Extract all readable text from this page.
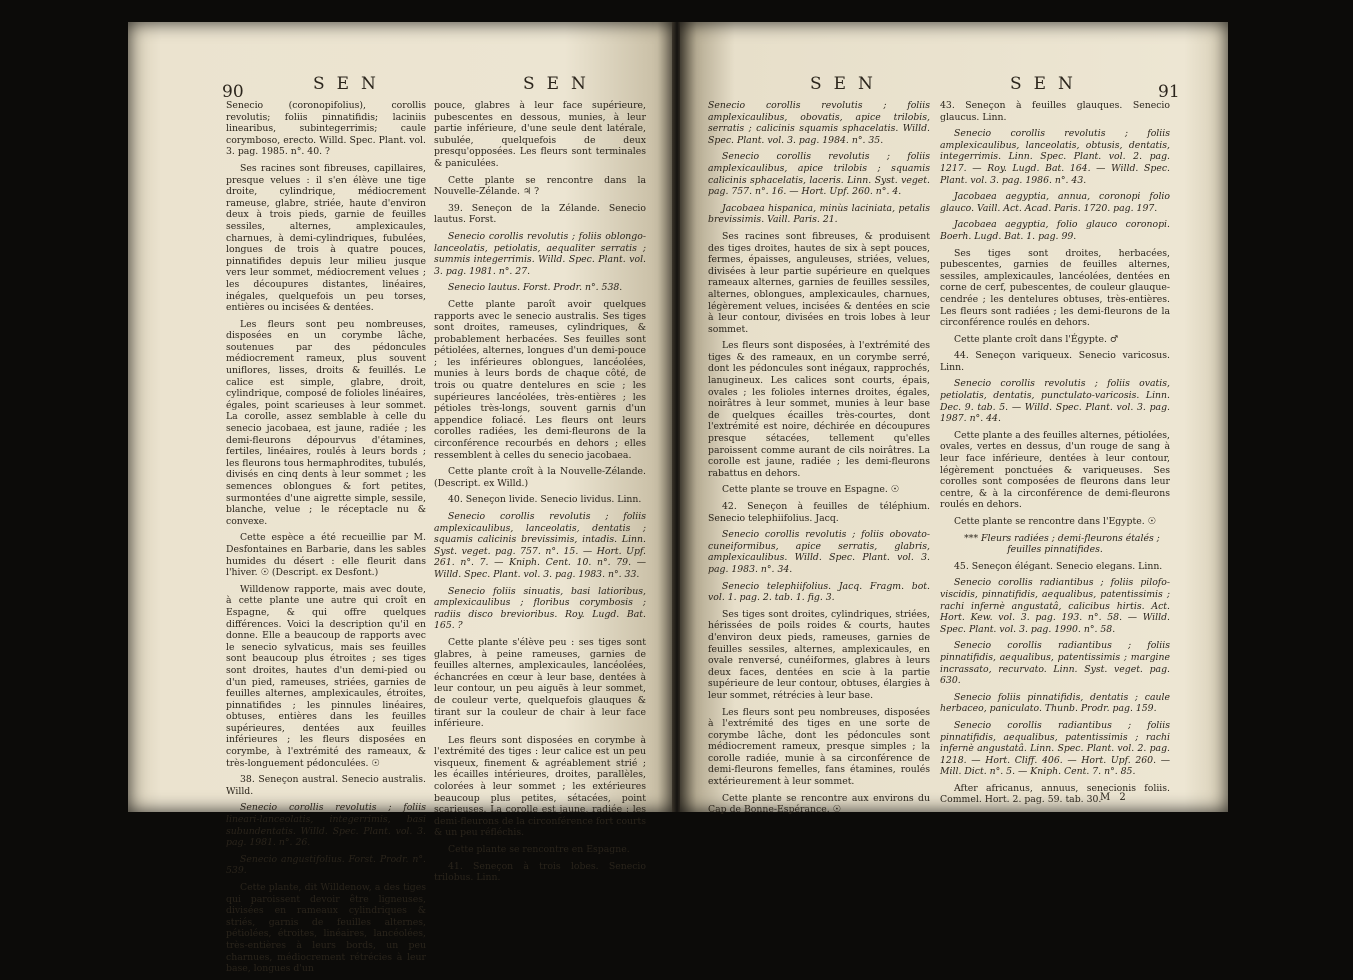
90	SEN	SEN

Senecio (coronopifolius), corollis revolutis; foliis pinnatifidis; laciniis linearibus, subintegerrimis; caule corymboso, erecto. Willd. Spec. Plant. vol. 3. pag. 1985. n°. 40. ?

Ses racines sont fibreuses, capillaires, presque velues : il s'en élève une tige droite, cylindrique, médiocrement rameuse, glabre, striée, haute d'environ deux à trois pieds, garnie de feuilles sessiles, alternes, amplexicaules, charnues, à demi-cylindriques, fubulées, longues de trois à quatre pouces, pinnatifides depuis leur milieu jusque vers leur sommet, médiocrement velues ; les découpures distantes, linéaires, inégales, quelquefois un peu torses, entières ou incisées & dentées.

Les fleurs sont peu nombreuses, disposées en un corymbe lâche, soutenues par des pédoncules médiocrement rameux, plus souvent uniflores, lisses, droits & feuillés. Le calice est simple, glabre, droit, cylindrique, composé de folioles linéaires, égales, point scarieuses à leur sommet. La corolle, assez semblable à celle du senecio jacobaea, est jaune, radiée ; les demi-fleurons dépourvus d'étamines, fertiles, linéaires, roulés à leurs bords ; les fleurons tous hermaphrodites, tubulés, divisés en cinq dents à leur sommet ; les semences oblongues & fort petites, surmontées d'une aigrette simple, sessile, blanche, velue ; le réceptacle nu & convexe.

Cette espèce a été recueillie par M. Desfontaines en Barbarie, dans les sables humides du désert : elle fleurit dans l'hiver. ☉ (Descript. ex Desfont.)

Willdenow rapporte, mais avec doute, à cette plante une autre qui croît en Espagne, & qui offre quelques différences. Voici la description qu'il en donne. Elle a beaucoup de rapports avec le senecio sylvaticus, mais ses feuilles sont beaucoup plus étroites ; ses tiges sont droites, hautes d'un demi-pied ou d'un pied, rameuses, striées, garnies de feuilles alternes, amplexicaules, étroites, pinnatifides ; les pinnules linéaires, obtuses, entières dans les feuilles supérieures, dentées aux feuilles inférieures ; les fleurs disposées en corymbe, à l'extrémité des rameaux, & très-longuement pédonculées. ☉

38. Seneçon austral. Senecio australis. Willd.

Senecio corollis revolutis ; foliis lineari-lanceolatis, integerrimis, basi subundentatis. Willd. Spec. Plant. vol. 3. pag. 1981. n°. 26.

Senecio angustifolius. Forst. Prodr. n°. 539.

Cette plante, dit Willdenow, a des tiges qui paroissent devoir être ligneuses, divisées en rameaux cylindriques & striés, garnis de feuilles alternes, pétiolées, étroites, linéaires, lancéolées, très-entières à leurs bords, un peu charnues, médiocrement rétrécies à leur base, longues d'un

pouce, glabres à leur face supérieure, pubescentes en dessous, munies, à leur partie inférieure, d'une seule dent latérale, subulée, quelquefois de deux presqu'opposées. Les fleurs sont terminales & paniculées.

Cette plante se rencontre dans la Nouvelle-Zélande. ♃ ?

39. Seneçon de la Zélande. Senecio lautus. Forst.

Senecio corollis revolutis ; foliis oblongo-lanceolatis, petiolatis, aequaliter serratis ; summis integerrimis. Willd. Spec. Plant. vol. 3. pag. 1981. n°. 27.

Senecio lautus. Forst. Prodr. n°. 538.

Cette plante paroît avoir quelques rapports avec le senecio australis. Ses tiges sont droites, rameuses, cylindriques, & probablement herbacées. Ses feuilles sont pétiolées, alternes, longues d'un demi-pouce ; les inférieures oblongues, lancéolées, munies à leurs bords de chaque côté, de trois ou quatre dentelures en scie ; les supérieures lancéolées, très-entières ; les pétioles très-longs, souvent garnis d'un appendice foliacé. Les fleurs ont leurs corolles radiées, les demi-fleurons de la circonférence recourbés en dehors ; elles ressemblent à celles du senecio jacobaea.

Cette plante croît à la Nouvelle-Zélande. (Descript. ex Willd.)

40. Seneçon livide. Senecio lividus. Linn.

Senecio corollis revolutis ; foliis amplexicaulibus, lanceolatis, dentatis ; squamis calicinis brevissimis, intadis. Linn. Syst. veget. pag. 757. n°. 15. — Hort. Upf. 261. n°. 7. — Kniph. Cent. 10. n°. 79. — Willd. Spec. Plant. vol. 3. pag. 1983. n°. 33.

Senecio foliis sinuatis, basi latioribus, amplexicaulibus ; floribus corymbosis ; radiis disco brevioribus. Roy. Lugd. Bat. 165. ?

Cette plante s'élève peu : ses tiges sont glabres, à peine rameuses, garnies de feuilles alternes, amplexicaules, lancéolées, échancrées en cœur à leur base, dentées à leur contour, un peu aiguës à leur sommet, de couleur verte, quelquefois glauques & tirant sur la couleur de chair à leur face inférieure.

Les fleurs sont disposées en corymbe à l'extrémité des tiges : leur calice est un peu visqueux, finement & agréablement strié ; les écailles intérieures, droites, parallèles, colorées à leur sommet ; les extérieures beaucoup plus petites, sétacées, point scarieuses. La corolle est jaune, radiée ; les demi-fleurons de la circonférence fort courts & un peu réfléchis.

Cette plante se rencontre en Espagne.

41. Seneçon à trois lobes. Senecio trilobus. Linn.

SEN	SEN	91

Senecio corollis revolutis ; foliis amplexicaulibus, obovatis, apice trilobis, serratis ; calicinis squamis sphacelatis. Willd. Spec. Plant. vol. 3. pag. 1984. n°. 35.

Senecio corollis revolutis ; foliis amplexicaulibus, apice trilobis ; squamis calicinis sphacelatis, laceris. Linn. Syst. veget. pag. 757. n°. 16. — Hort. Upf. 260. n°. 4.

Jacobaea hispanica, minùs laciniata, petalis brevissimis. Vaill. Paris. 21.

Ses racines sont fibreuses, & produisent des tiges droites, hautes de six à sept pouces, fermes, épaisses, anguleuses, striées, velues, divisées à leur partie supérieure en quelques rameaux alternes, garnies de feuilles sessiles, alternes, oblongues, amplexicaules, charnues, légèrement velues, incisées & dentées en scie à leur contour, divisées en trois lobes à leur sommet.

Les fleurs sont disposées, à l'extrémité des tiges & des rameaux, en un corymbe serré, dont les pédoncules sont inégaux, rapprochés, lanugineux. Les calices sont courts, épais, ovales ; les folioles internes droites, égales, noirâtres à leur sommet, munies à leur base de quelques écailles très-courtes, dont l'extrémité est noire, déchirée en découpures presque sétacées, tellement qu'elles paroissent comme aurant de cils noirâtres. La corolle est jaune, radiée ; les demi-fleurons rabattus en dehors.

Cette plante se trouve en Espagne. ☉

42. Seneçon à feuilles de téléphium. Senecio telephiifolius. Jacq.

Senecio corollis revolutis ; foliis obovato-cuneiformibus, apice serratis, glabris, amplexicaulibus. Willd. Spec. Plant. vol. 3. pag. 1983. n°. 34.

Senecio telephiifolius. Jacq. Fragm. bot. vol. 1. pag. 2. tab. 1. fig. 3.

Ses tiges sont droites, cylindriques, striées, hérissées de poils roides & courts, hautes d'environ deux pieds, rameuses, garnies de feuilles sessiles, alternes, amplexicaules, en ovale renversé, cunéiformes, glabres à leurs deux faces, dentées en scie à la partie supérieure de leur contour, obtuses, élargies à leur sommet, rétrécies à leur base.

Les fleurs sont peu nombreuses, disposées à l'extrémité des tiges en une sorte de corymbe lâche, dont les pédoncules sont médiocrement rameux, presque simples ; la corolle radiée, munie à sa circonférence de demi-fleurons femelles, fans étamines, roulés extérieurement à leur sommet.

Cette plante se rencontre aux environs du Cap de Bonne-Espérance. ☉

43. Seneçon à feuilles glauques. Senecio glaucus. Linn.

Senecio corollis revolutis ; foliis amplexicaulibus, lanceolatis, obtusis, dentatis, integerrimis. Linn. Spec. Plant. vol. 2. pag. 1217. — Roy. Lugd. Bat. 164. — Willd. Spec. Plant. vol. 3. pag. 1986. n°. 43.

Jacobaea aegyptia, annua, coronopi folio glauco. Vaill. Act. Acad. Paris. 1720. pag. 197.

Jacobaea aegyptia, folio glauco coronopi. Boerh. Lugd. Bat. 1. pag. 99.

Ses tiges sont droites, herbacées, pubescentes, garnies de feuilles alternes, sessiles, amplexicaules, lancéolées, dentées en corne de cerf, pubescentes, de couleur glauque-cendrée ; les dentelures obtuses, très-entières. Les fleurs sont radiées ; les demi-fleurons de la circonférence roulés en dehors.

Cette plante croît dans l'Égypte. ♂

44. Seneçon variqueux. Senecio varicosus. Linn.

Senecio corollis revolutis ; foliis ovatis, petiolatis, dentatis, punctulato-varicosis. Linn. Dec. 9. tab. 5. — Willd. Spec. Plant. vol. 3. pag. 1987. n°. 44.

Cette plante a des feuilles alternes, pétiolées, ovales, vertes en dessus, d'un rouge de sang à leur face inférieure, dentées à leur contour, légèrement ponctuées & variqueuses. Ses corolles sont composées de fleurons dans leur centre, & à la circonférence de demi-fleurons roulés en dehors.

Cette plante se rencontre dans l'Egypte. ☉

*** Fleurs radiées ; demi-fleurons étalés ; feuilles pinnatifides.

45. Seneçon élégant. Senecio elegans. Linn.

Senecio corollis radiantibus ; foliis pilofo-viscidis, pinnatifidis, aequalibus, patentissimis ; rachi infernè angustatâ, calicibus hirtis. Act. Hort. Kew. vol. 3. pag. 193. n°. 58. — Willd. Spec. Plant. vol. 3. pag. 1990. n°. 58.

Senecio corollis radiantibus ; foliis pinnatifidis, aequalibus, patentissimis ; margine incrassato, recurvato. Linn. Syst. veget. pag. 630.

Senecio foliis pinnatifidis, dentatis ; caule herbaceo, paniculato. Thunb. Prodr. pag. 159.

Senecio corollis radiantibus ; foliis pinnatifidis, aequalibus, patentissimis ; rachi infernè angustatâ. Linn. Spec. Plant. vol. 2. pag. 1218. — Hort. Cliff. 406. — Hort. Upf. 260. — Mill. Dict. n°. 5. — Kniph. Cent. 7. n°. 85.

After africanus, annuus, senecionis foliis. Commel. Hort. 2. pag. 59. tab. 30.

M 2
